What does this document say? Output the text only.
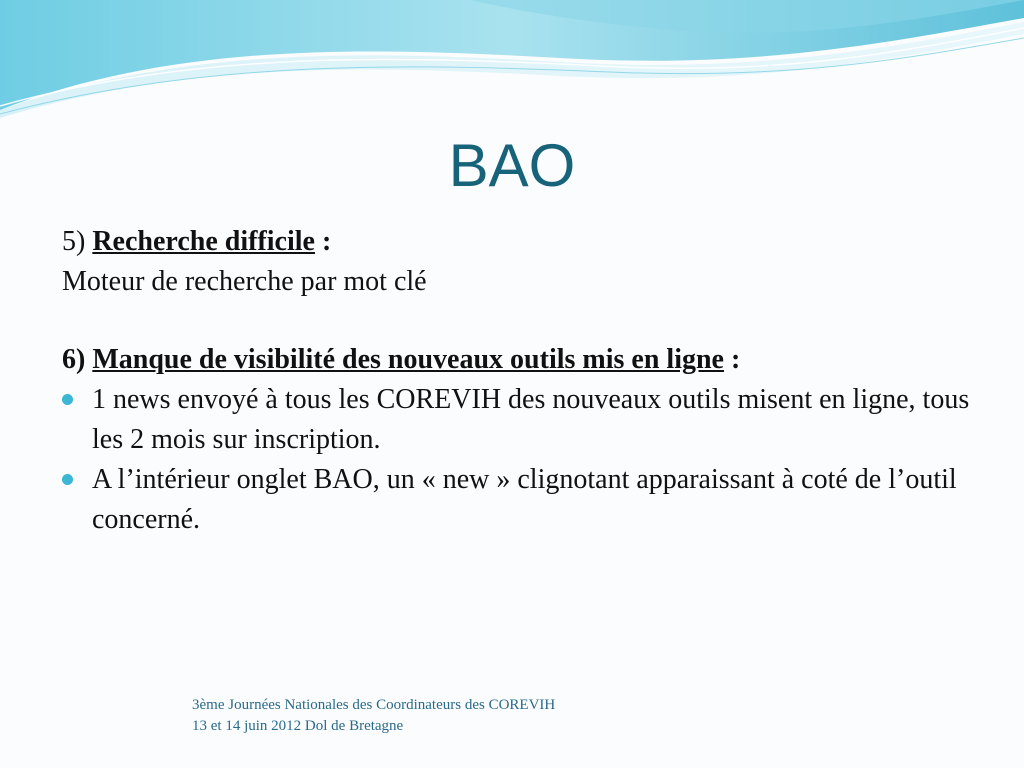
BAO

5) Recherche difficile :

Moteur de recherche par mot clé

6) Manque de visibilité des nouveaux outils mis en ligne :

1 news envoyé à tous les COREVIH des nouveaux outils misent en ligne, tous les 2 mois sur inscription.
A l’intérieur onglet BAO, un « new » clignotant apparaissant à coté de l’outil concerné.
3ème Journées Nationales des Coordinateurs des COREVIH
13 et 14 juin 2012 Dol de Bretagne
